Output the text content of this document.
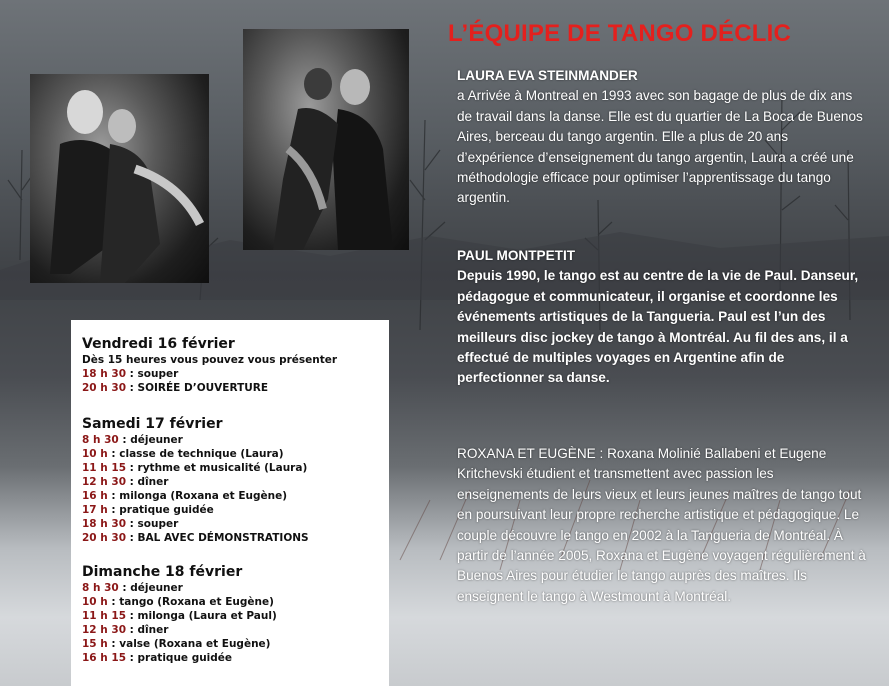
L’ÉQUIPE DE TANGO DÉCLIC
LAURA EVA STEINMANDER
a Arrivée à Montreal en 1993 avec son bagage de plus de dix ans de travail dans la danse. Elle est du quartier de La Boca de Buenos Aires, berceau du tango argentin. Elle a plus de 20 ans d’expérience d’enseignement du tango argentin, Laura a créé une méthodologie efficace pour optimiser l’apprentissage du tango argentin.
PAUL MONTPETIT
Depuis 1990, le tango est au centre de la vie de Paul. Danseur, pédagogue et communicateur, il organise et coordonne les événements artistiques de la Tangueria. Paul est l’un des meilleurs disc jockey de tango à Montréal. Au fil des ans, il a effectué de multiples voyages en Argentine afin de perfectionner sa danse.
ROXANA ET EUGÈNE : Roxana Molinié Ballabeni et Eugene Kritchevski étudient et transmettent avec passion les enseignements de leurs vieux et leurs jeunes maîtres de tango tout en poursuivant leur propre recherche artistique et pédagogique. Le couple découvre le tango en 2002 à la Tangueria de Montréal. À partir de l’année 2005, Roxana et Eugène voyagent régulièrement à Buenos Aires pour étudier le tango auprès des maîtres. Ils enseignent le tango à Westmount à Montréal.
Vendredi 16 février
Dès 15 heures vous pouvez vous présenter
18 h 30 : souper
20 h 30 : SOIRÉE D’OUVERTURE
Samedi 17 février
8 h 30 : déjeuner
10 h : classe de technique (Laura)
11 h 15 : rythme et musicalité (Laura)
12 h 30 : dîner
16 h : milonga (Roxana et Eugène)
17 h : pratique guidée
18 h 30 : souper
20 h 30 : BAL AVEC DÉMONSTRATIONS
Dimanche 18 février
8 h 30 : déjeuner
10 h : tango (Roxana et Eugène)
11 h 15 : milonga (Laura et Paul)
12 h 30 : dîner
15 h : valse (Roxana et Eugène)
16 h 15 : pratique guidée
